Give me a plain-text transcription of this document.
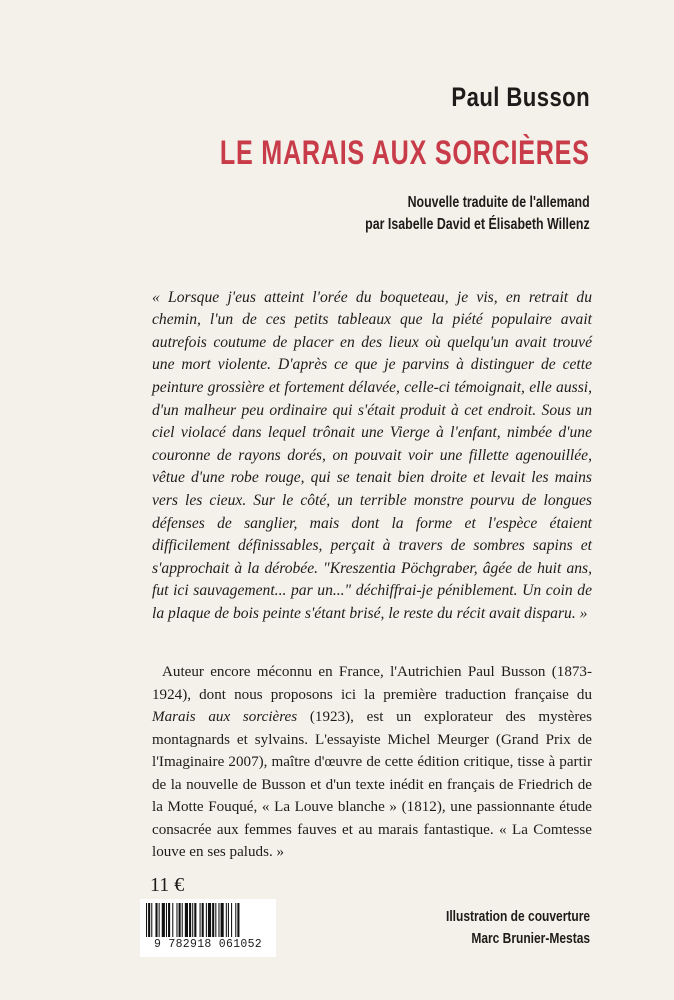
Paul Busson
LE MARAIS AUX SORCIÈRES
Nouvelle traduite de l'allemand
par Isabelle David et Élisabeth Willenz

« Lorsque j'eus atteint l'orée du boqueteau, je vis, en retrait du chemin, l'un de ces petits tableaux que la piété populaire avait autrefois coutume de placer en des lieux où quelqu'un avait trouvé une mort violente. D'après ce que je parvins à distinguer de cette peinture grossière et fortement délavée, celle-ci témoignait, elle aussi, d'un malheur peu ordinaire qui s'était produit à cet endroit. Sous un ciel violacé dans lequel trônait une Vierge à l'enfant, nimbée d'une couronne de rayons dorés, on pouvait voir une fillette agenouillée, vêtue d'une robe rouge, qui se tenait bien droite et levait les mains vers les cieux. Sur le côté, un terrible monstre pourvu de longues défenses de sanglier, mais dont la forme et l'espèce étaient difficilement définissables, perçait à travers de sombres sapins et s'approchait à la dérobée. "Kreszentia Pöchgraber, âgée de huit ans, fut ici sauvagement... par un..." déchiffrai-je péniblement. Un coin de la plaque de bois peinte s'étant brisé, le reste du récit avait disparu. »

Auteur encore méconnu en France, l'Autrichien Paul Busson (1873-1924), dont nous proposons ici la première traduction française du Marais aux sorcières (1923), est un explorateur des mystères montagnards et sylvains. L'essayiste Michel Meurger (Grand Prix de l'Imaginaire 2007), maître d'œuvre de cette édition critique, tisse à partir de la nouvelle de Busson et d'un texte inédit en français de Friedrich de la Motte Fouqué, « La Louve blanche » (1812), une passionnante étude consacrée aux femmes fauves et au marais fantastique. « La Comtesse louve en ses paluds. »

11 €
9 782918 061052
Illustration de couverture
Marc Brunier-Mestas
